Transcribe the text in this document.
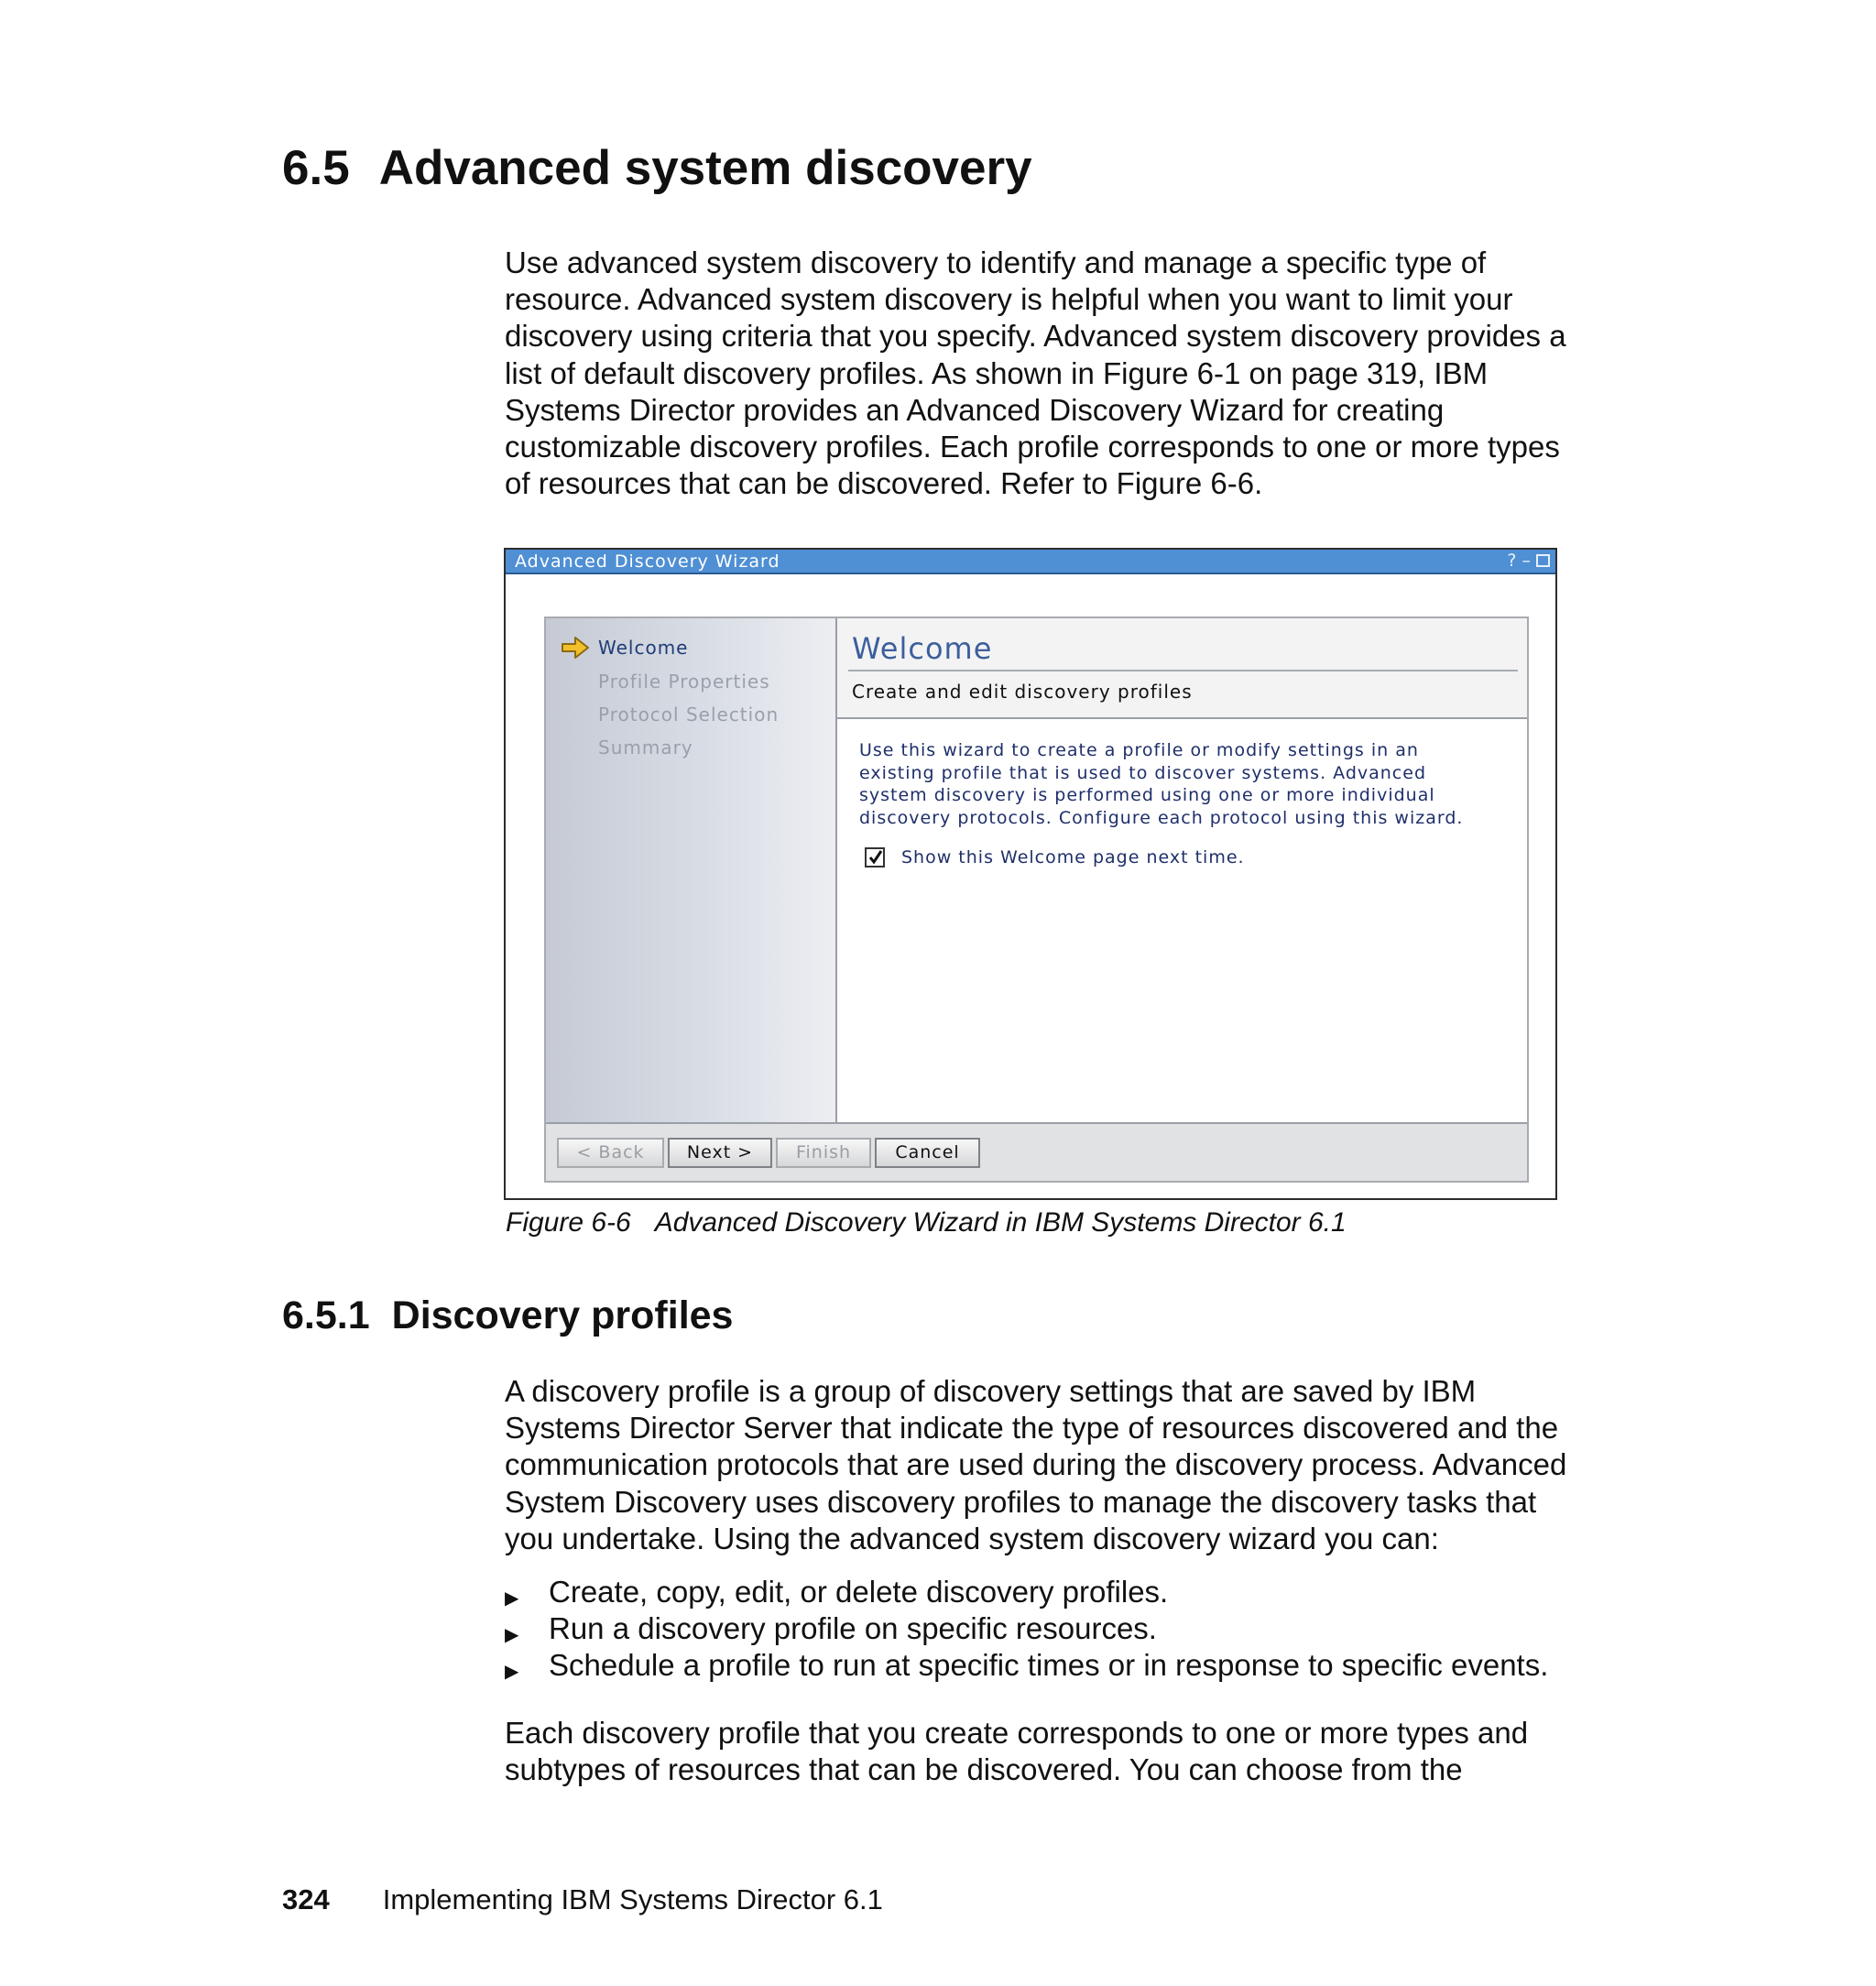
6.5 Advanced system discovery

Use advanced system discovery to identify and manage a specific type of
resource. Advanced system discovery is helpful when you want to limit your
discovery using criteria that you specify. Advanced system discovery provides a
list of default discovery profiles. As shown in Figure 6-1 on page 319, IBM
Systems Director provides an Advanced Discovery Wizard for creating
customizable discovery profiles. Each profile corresponds to one or more types
of resources that can be discovered. Refer to Figure 6-6.

Advanced Discovery Wizard	? –
Welcome
Profile Properties
Protocol Selection
Summary
Welcome
Create and edit discovery profiles

Use this wizard to create a profile or modify settings in an
existing profile that is used to discover systems. Advanced
system discovery is performed using one or more individual
discovery protocols. Configure each protocol using this wizard.

Show this Welcome page next time.
< Back	Next >	Finish	Cancel
Figure 6-6 Advanced Discovery Wizard in IBM Systems Director 6.1
6.5.1 Discovery profiles

A discovery profile is a group of discovery settings that are saved by IBM
Systems Director Server that indicate the type of resources discovered and the
communication protocols that are used during the discovery process. Advanced
System Discovery uses discovery profiles to manage the discovery tasks that
you undertake. Using the advanced system discovery wizard you can:

▶ Create, copy, edit, or delete discovery profiles.
▶ Run a discovery profile on specific resources.
▶ Schedule a profile to run at specific times or in response to specific events.

Each discovery profile that you create corresponds to one or more types and
subtypes of resources that can be discovered. You can choose from the

324 Implementing IBM Systems Director 6.1
